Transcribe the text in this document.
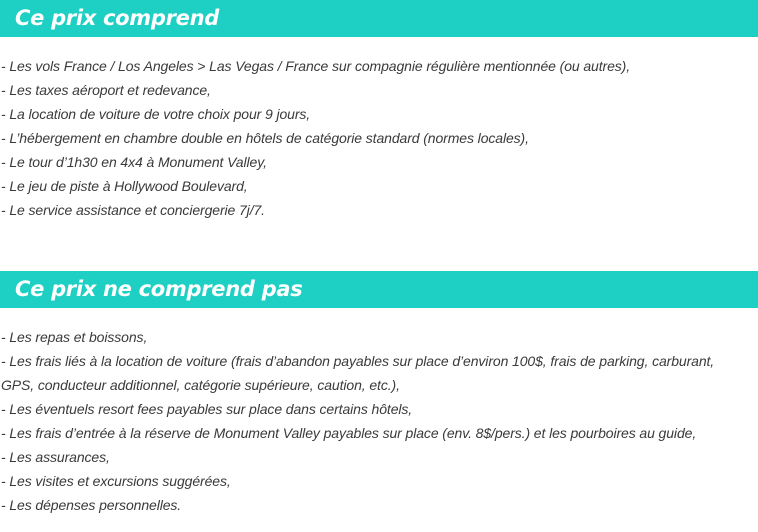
Ce prix comprend
- Les vols France / Los Angeles > Las Vegas / France sur compagnie régulière mentionnée (ou autres),
- Les taxes aéroport et redevance,
- La location de voiture de votre choix pour 9 jours,
- L’hébergement en chambre double en hôtels de catégorie standard (normes locales),
- Le tour d’1h30 en 4x4 à Monument Valley,
- Le jeu de piste à Hollywood Boulevard,
- Le service assistance et conciergerie 7j/7.
Ce prix ne comprend pas
- Les repas et boissons,
- Les frais liés à la location de voiture (frais d’abandon payables sur place d’environ 100$, frais de parking, carburant, GPS, conducteur additionnel, catégorie supérieure, caution, etc.),
- Les éventuels resort fees payables sur place dans certains hôtels,
- Les frais d’entrée à la réserve de Monument Valley payables sur place (env. 8$/pers.) et les pourboires au guide,
- Les assurances,
- Les visites et excursions suggérées,
- Les dépenses personnelles.
